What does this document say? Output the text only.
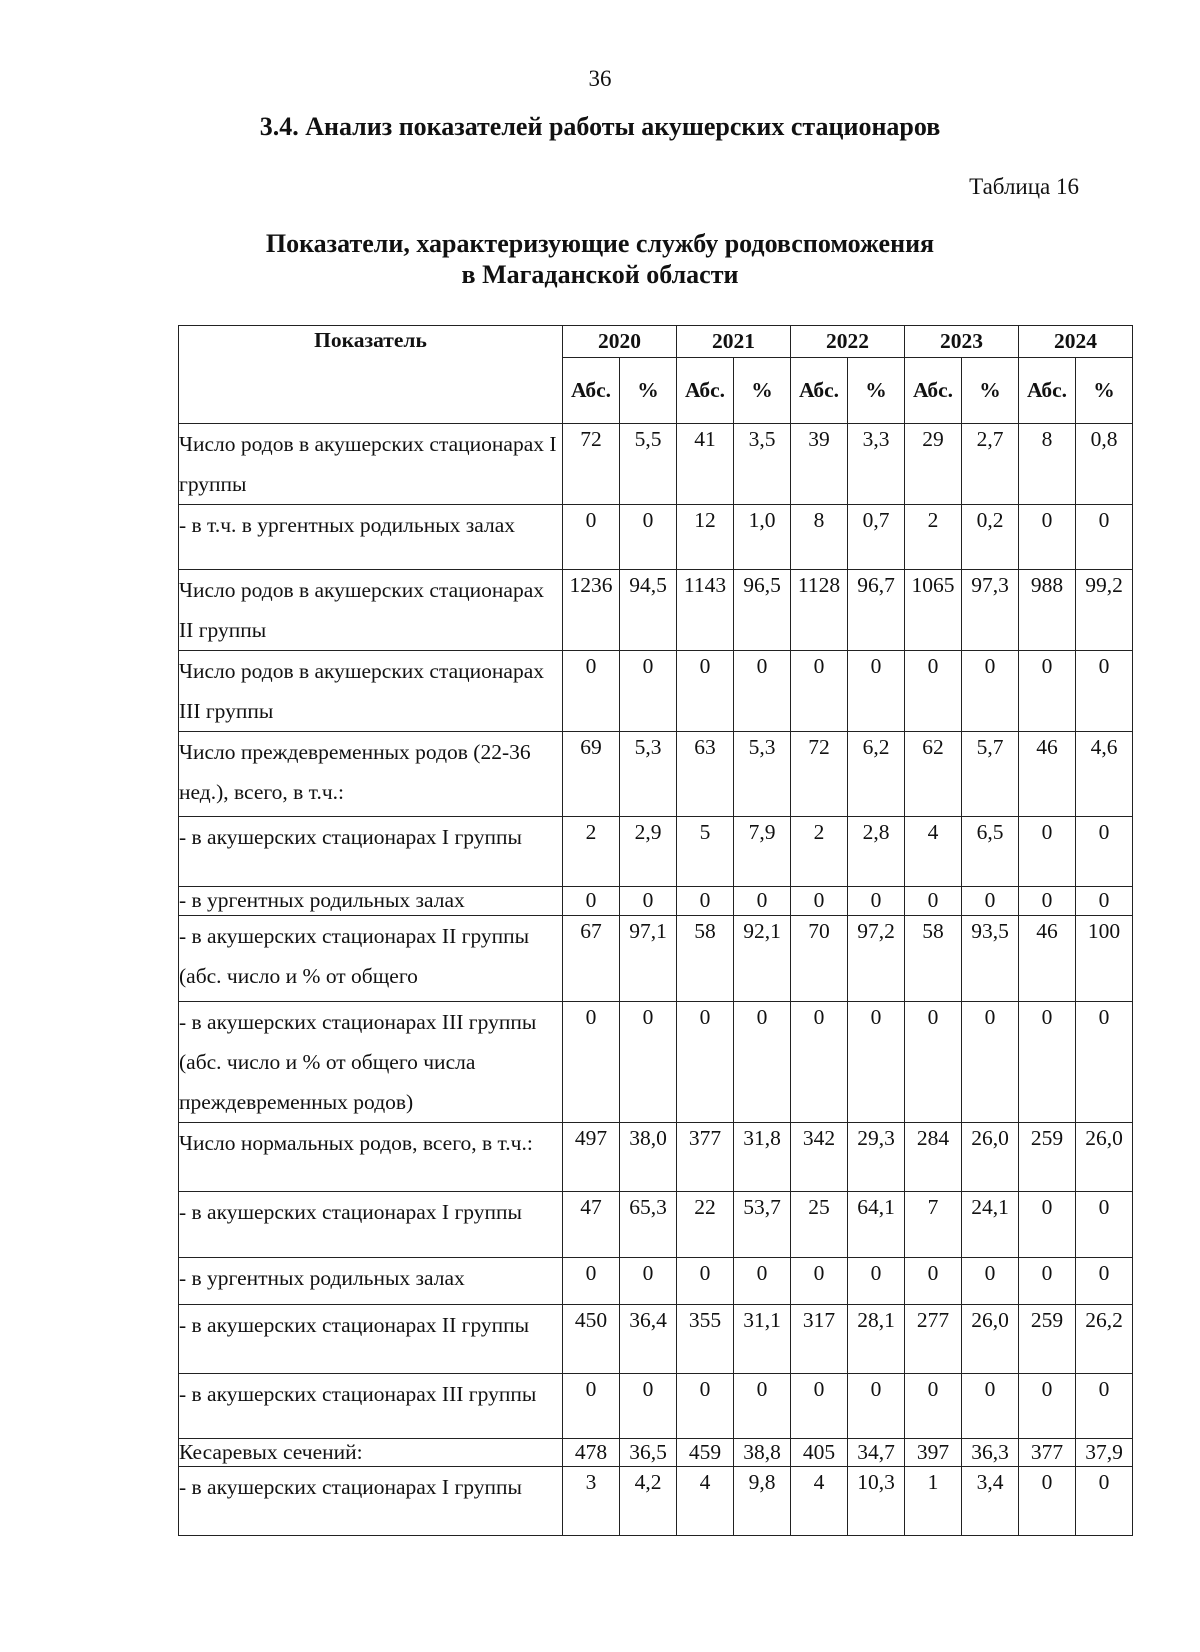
36
3.4. Анализ показателей работы акушерских стационаров
Таблица 16
Показатели, характеризующие службу родовспоможения
в Магаданской области
Показатель	2020		2021		2022		2023		2024	
	Абс.	%	Абс.	%	Абс.	%	Абс.	%	Абс.	%
Число родов в акушерских стационарах I группы	72	5,5	41	3,5	39	3,3	29	2,7	8	0,8
- в т.ч. в ургентных родильных залах	0	0	12	1,0	8	0,7	2	0,2	0	0
Число родов в акушерских стационарах II группы	1236	94,5	1143	96,5	1128	96,7	1065	97,3	988	99,2
Число родов в акушерских стационарах III группы	0	0	0	0	0	0	0	0	0	0
Число преждевременных родов (22-36 нед.), всего, в т.ч.:	69	5,3	63	5,3	72	6,2	62	5,7	46	4,6
- в акушерских стационарах I группы	2	2,9	5	7,9	2	2,8	4	6,5	0	0
- в ургентных родильных залах	0	0	0	0	0	0	0	0	0	0
- в акушерских стационарах II группы (абс. число и % от общего	67	97,1	58	92,1	70	97,2	58	93,5	46	100
- в акушерских стационарах III группы (абс. число и % от общего числа преждевременных родов)	0	0	0	0	0	0	0	0	0	0
Число нормальных родов, всего, в т.ч.:	497	38,0	377	31,8	342	29,3	284	26,0	259	26,0
- в акушерских стационарах I группы	47	65,3	22	53,7	25	64,1	7	24,1	0	0
- в ургентных родильных залах	0	0	0	0	0	0	0	0	0	0
- в акушерских стационарах II группы	450	36,4	355	31,1	317	28,1	277	26,0	259	26,2
- в акушерских стационарах III группы	0	0	0	0	0	0	0	0	0	0
Кесаревых сечений:	478	36,5	459	38,8	405	34,7	397	36,3	377	37,9
- в акушерских стационарах I группы	3	4,2	4	9,8	4	10,3	1	3,4	0	0
